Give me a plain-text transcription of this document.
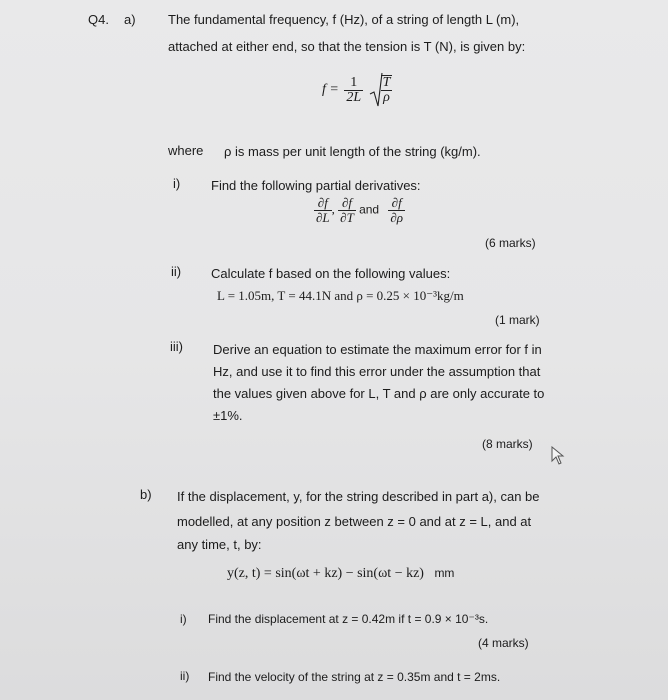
Q4. a) The fundamental frequency, f (Hz), of a string of length L (m),
attached at either end, so that the tension is T (N), is given by:
$f = \frac{1}{2L}$
$\frac{T}{\rho}$
where ρ is mass per unit length of the string (kg/m).
i) Find the following partial derivatives:
$\frac{\partial f}{\partial L}$ , $\frac{\partial f}{\partial T}$ and $\frac{\partial f}{\partial\rho}$
(6 marks)
ii) Calculate f based on the following values:
L = 1.05m, T = 44.1N and ρ = 0.25 × 10⁻³kg/m
(1 mark)
iii) Derive an equation to estimate the maximum error for f in
Hz, and use it to find this error under the assumption that
the values given above for L, T and ρ are only accurate to
±1%.
(8 marks)
b) If the displacement, y, for the string described in part a), can be
modelled, at any position z between z = 0 and at z = L, and at
any time, t, by:
y(z, t) = sin(ωt + kz) − sin(ωt − kz) mm
i) Find the displacement at z = 0.42m if t = 0.9 × 10⁻³s.
(4 marks)
ii) Find the velocity of the string at z = 0.35m and t = 2ms.
